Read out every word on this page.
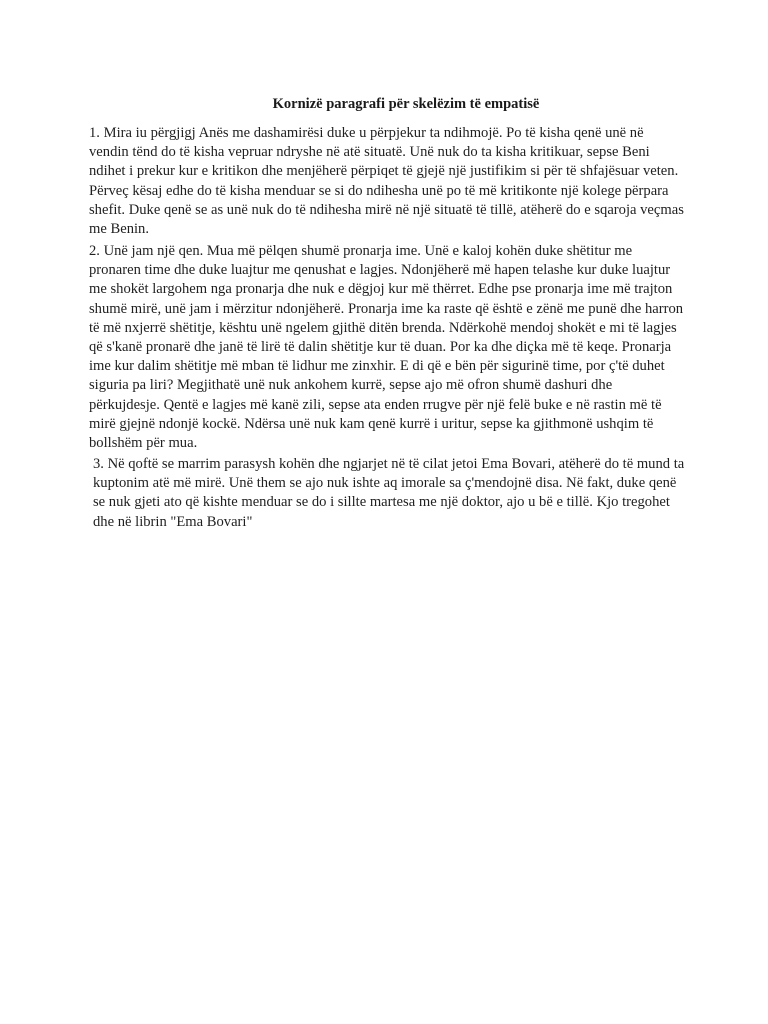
Kornizë paragrafi për skelëzim të empatisë

1. Mira iu përgjigj Anës me dashamirësi duke u përpjekur ta ndihmojë. Po të kisha qenë unë në vendin tënd do të kisha vepruar ndryshe në atë situatë. Unë nuk do ta kisha kritikuar, sepse Beni ndihet i prekur kur e kritikon dhe menjëherë përpiqet të gjejë një justifikim si për të shfajësuar veten. Përveç kësaj edhe do të kisha menduar se si do ndihesha unë po të më kritikonte një kolege përpara shefit. Duke qenë se as unë nuk do të ndihesha mirë në një situatë të tillë, atëherë do e sqaroja veçmas me Benin.

2. Unë jam një qen. Mua më pëlqen shumë pronarja ime. Unë e kaloj kohën duke shëtitur me pronaren time dhe duke luajtur me qenushat e lagjes. Ndonjëherë më hapen telashe kur duke luajtur me shokët largohem nga pronarja dhe nuk e dëgjoj kur më thërret. Edhe pse pronarja ime më trajton shumë mirë, unë jam i mërzitur ndonjëherë. Pronarja ime ka raste që është e zënë me punë dhe harron të më nxjerrë shëtitje, kështu unë ngelem gjithë ditën brenda. Ndërkohë mendoj shokët e mi të lagjes që s'kanë pronarë dhe janë të lirë të dalin shëtitje kur të duan. Por ka dhe diçka më të keqe. Pronarja ime kur dalim shëtitje më mban të lidhur me zinxhir. E di që e bën për sigurinë time, por ç'të duhet siguria pa liri? Megjithatë unë nuk ankohem kurrë, sepse ajo më ofron shumë dashuri dhe përkujdesje. Qentë e lagjes më kanë zili, sepse ata enden rrugve për një felë buke e në rastin më të mirë gjejnë ndonjë kockë. Ndërsa unë nuk kam qenë kurrë i uritur, sepse ka gjithmonë ushqim të bollshëm për mua.

3. Në qoftë se marrim parasysh kohën dhe ngjarjet në të cilat jetoi Ema Bovari, atëherë do të mund ta kuptonim atë më mirë. Unë them se ajo nuk ishte aq imorale sa ç'mendojnë disa. Në fakt, duke qenë se nuk gjeti ato që kishte menduar se do i sillte martesa me një doktor, ajo u bë e tillë. Kjo tregohet dhe në librin "Ema Bovari"
